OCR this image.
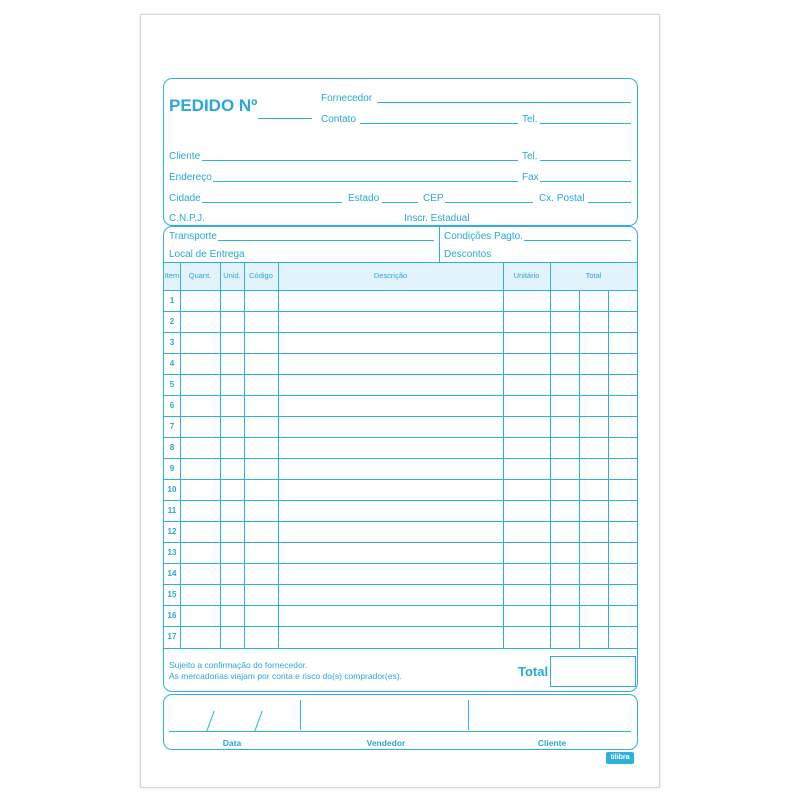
PEDIDO Nº	Fornecedor
Contato	Tel.
Cliente	Tel.
Endereço	Fax
Cidade	Estado	CEP	Cx. Postal
C.N.P.J.	Inscr. Estadual
Transporte	Condições Pagto.
Local de Entrega	Descontos
Item	Quant.	Unid.	Código	Descrição	Unitário	Total
1
2
3
4
5
6
7
8
9
10
11
12
13
14
15
16
17
Sujeito a confirmação do fornecedor.
As mercadorias viajam por conta e risco do(s) comprador(es).	Total
Data	Vendedor	Cliente
tilibra
